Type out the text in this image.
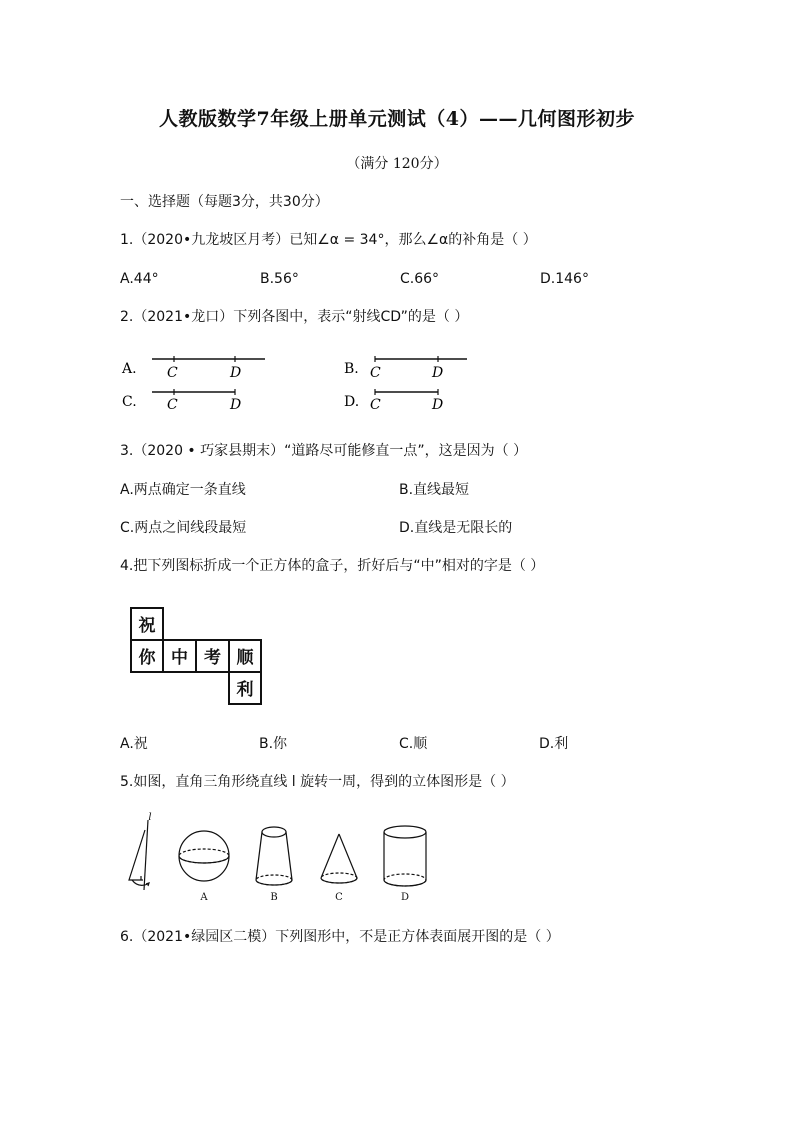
人教版数学7年级上册单元测试（4）——几何图形初步
（满分 120分）
一、选择题（每题3分，共30分）
1.（2020•九龙坡区月考）已知∠α = 34°，那么∠α的补角是（ ）
A.44°	B.56°	C.66°	D.146°
2.（2021•龙口）下列各图中，表示“射线CD”的是（ ）
A. C	D	B. C	D
C. C	D	D. C	D
3.（2020 • 巧家县期末）“道路尽可能修直一点”，这是因为（ ）
A.两点确定一条直线	B.直线最短
C.两点之间线段最短	D.直线是无限长的
4.把下列图标折成一个正方体的盒子，折好后与“中”相对的字是（ ）
祝
你 中 考 顺
利
A.祝	B.你	C.顺	D.利
5.如图，直角三角形绕直线 l 旋转一周，得到的立体图形是（ ）
l
A	B	C	D
6.（2021•绿园区二模）下列图形中，不是正方体表面展开图的是（ ）
